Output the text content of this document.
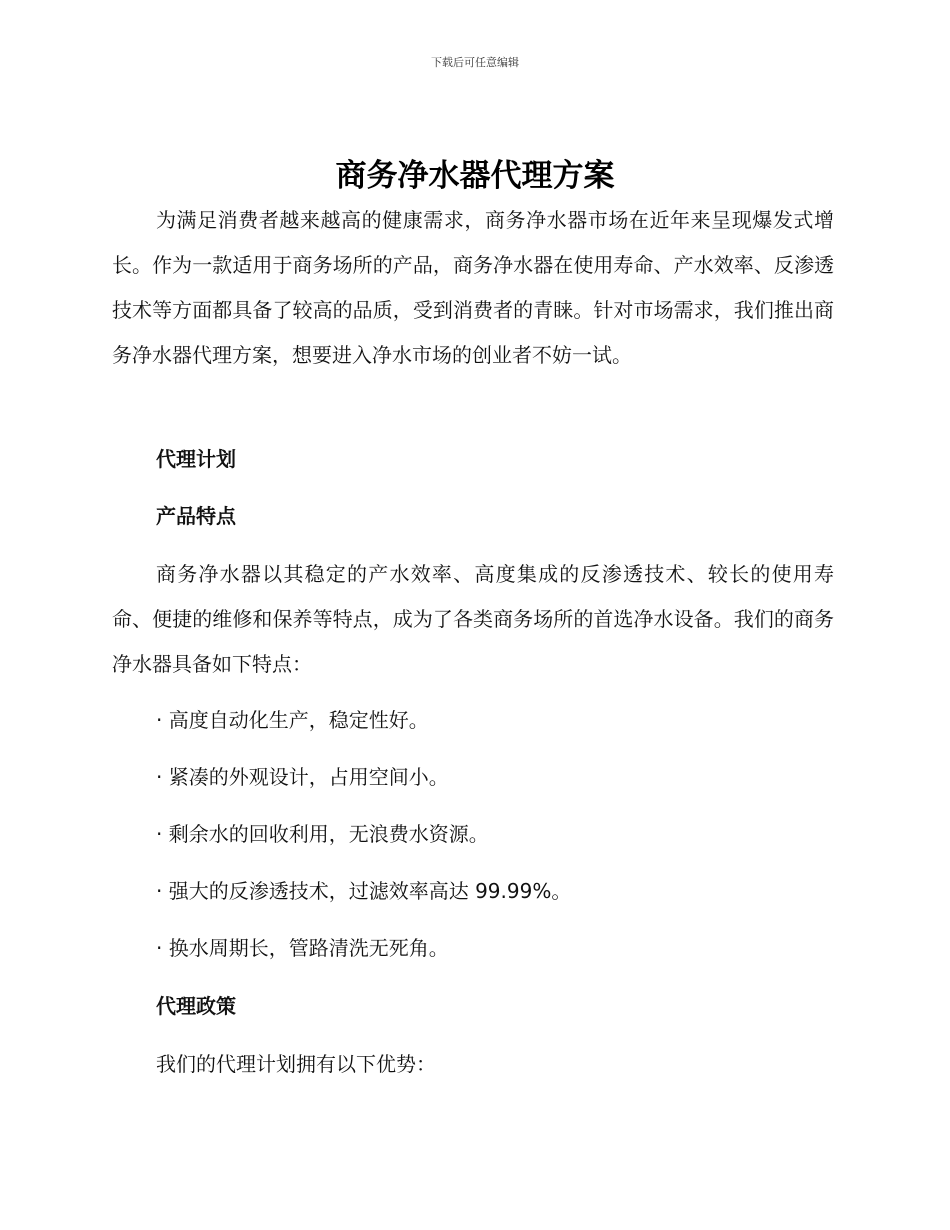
下载后可任意编辑
商务净水器代理方案

为满足消费者越来越高的健康需求，商务净水器市场在近年来呈现爆发式增长。作为一款适用于商务场所的产品，商务净水器在使用寿命、产水效率、反渗透技术等方面都具备了较高的品质，受到消费者的青睐。针对市场需求，我们推出商务净水器代理方案，想要进入净水市场的创业者不妨一试。

代理计划
产品特点

商务净水器以其稳定的产水效率、高度集成的反渗透技术、较长的使用寿命、便捷的维修和保养等特点，成为了各类商务场所的首选净水设备。我们的商务净水器具备如下特点：

· 高度自动化生产，稳定性好。
· 紧凑的外观设计，占用空间小。
· 剩余水的回收利用，无浪费水资源。
· 强大的反渗透技术，过滤效率高达 99.99%。
· 换水周期长，管路清洗无死角。
代理政策
我们的代理计划拥有以下优势：
